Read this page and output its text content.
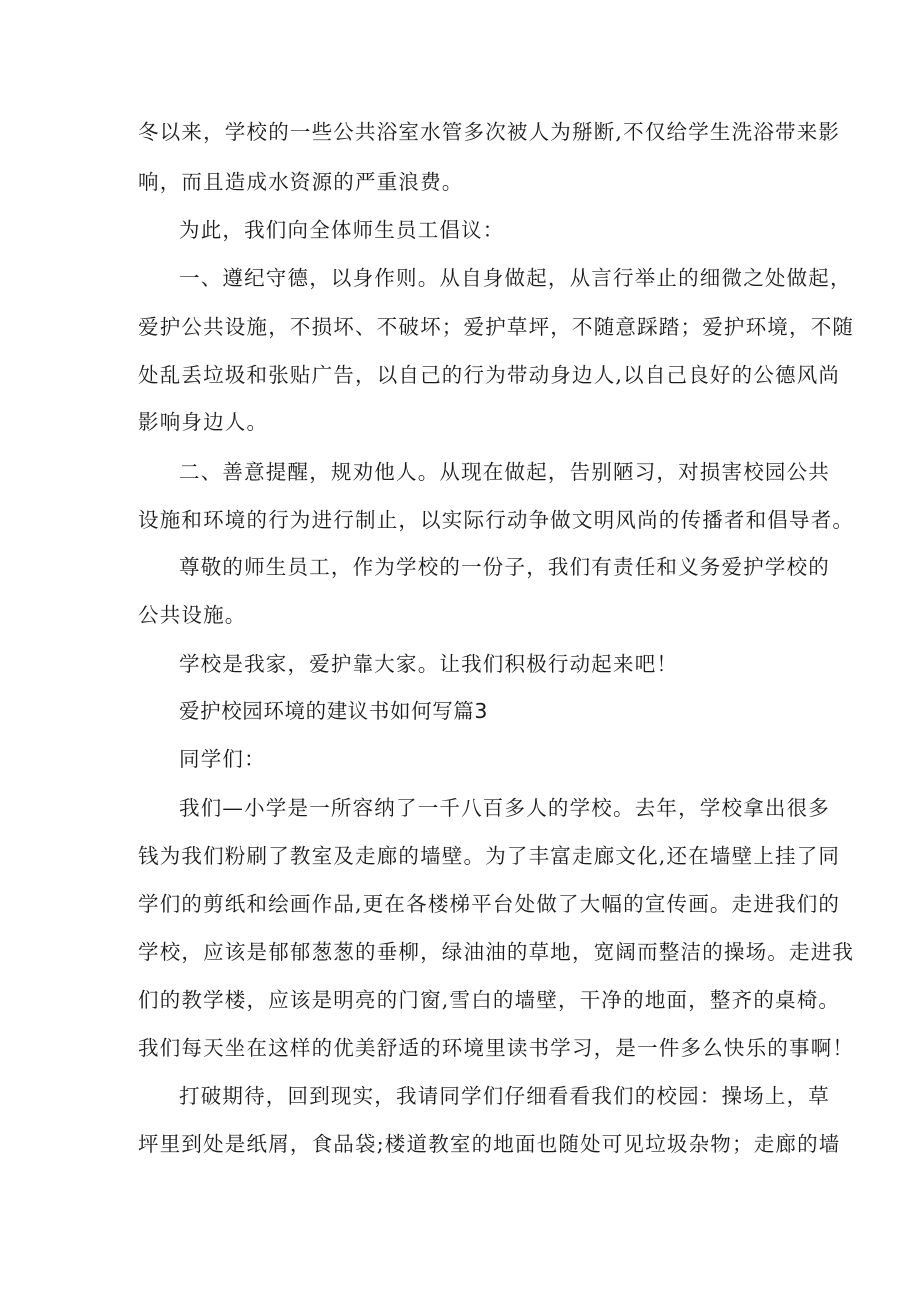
冬以来，学校的一些公共浴室水管多次被人为掰断,不仅给学生洗浴带来影
响，而且造成水资源的严重浪费。
为此，我们向全体师生员工倡议：
一、遵纪守德，以身作则。从自身做起，从言行举止的细微之处做起，
爱护公共设施，不损坏、不破坏；爱护草坪，不随意踩踏；爱护环境，不随
处乱丢垃圾和张贴广告，以自己的行为带动身边人,以自己良好的公德风尚
影响身边人。
二、善意提醒，规劝他人。从现在做起，告别陋习，对损害校园公共
设施和环境的行为进行制止，以实际行动争做文明风尚的传播者和倡导者。
尊敬的师生员工，作为学校的一份子，我们有责任和义务爱护学校的
公共设施。
学校是我家，爱护靠大家。让我们积极行动起来吧！
爱护校园环境的建议书如何写篇3
同学们：
我们—小学是一所容纳了一千八百多人的学校。去年，学校拿出很多
钱为我们粉刷了教室及走廊的墙壁。为了丰富走廊文化,还在墙壁上挂了同
学们的剪纸和绘画作品,更在各楼梯平台处做了大幅的宣传画。走进我们的
学校，应该是郁郁葱葱的垂柳，绿油油的草地，宽阔而整洁的操场。走进我
们的教学楼，应该是明亮的门窗,雪白的墙壁，干净的地面，整齐的桌椅。
我们每天坐在这样的优美舒适的环境里读书学习，是一件多么快乐的事啊！
打破期待，回到现实，我请同学们仔细看看我们的校园：操场上，草
坪里到处是纸屑，食品袋;楼道教室的地面也随处可见垃圾杂物；走廊的墙
